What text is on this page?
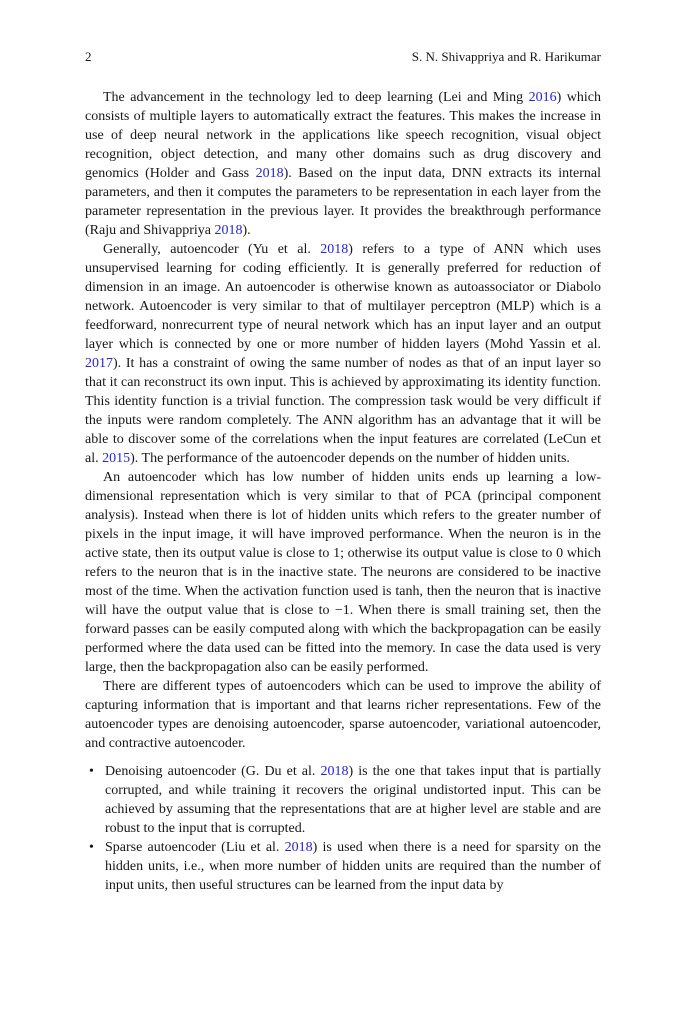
2	S. N. Shivappriya and R. Harikumar

The advancement in the technology led to deep learning (Lei and Ming 2016) which consists of multiple layers to automatically extract the features. This makes the increase in use of deep neural network in the applications like speech recognition, visual object recognition, object detection, and many other domains such as drug discovery and genomics (Holder and Gass 2018). Based on the input data, DNN extracts its internal parameters, and then it computes the parameters to be representation in each layer from the parameter representation in the previous layer. It provides the breakthrough performance (Raju and Shivappriya 2018).

Generally, autoencoder (Yu et al. 2018) refers to a type of ANN which uses unsupervised learning for coding efficiently. It is generally preferred for reduction of dimension in an image. An autoencoder is otherwise known as autoassociator or Diabolo network. Autoencoder is very similar to that of multilayer perceptron (MLP) which is a feedforward, nonrecurrent type of neural network which has an input layer and an output layer which is connected by one or more number of hidden layers (Mohd Yassin et al. 2017). It has a constraint of owing the same number of nodes as that of an input layer so that it can reconstruct its own input. This is achieved by approximating its identity function. This identity function is a trivial function. The compression task would be very difficult if the inputs were random completely. The ANN algorithm has an advantage that it will be able to discover some of the correlations when the input features are correlated (LeCun et al. 2015). The performance of the autoencoder depends on the number of hidden units.

An autoencoder which has low number of hidden units ends up learning a low-dimensional representation which is very similar to that of PCA (principal component analysis). Instead when there is lot of hidden units which refers to the greater number of pixels in the input image, it will have improved performance. When the neuron is in the active state, then its output value is close to 1; otherwise its output value is close to 0 which refers to the neuron that is in the inactive state. The neurons are considered to be inactive most of the time. When the activation function used is tanh, then the neuron that is inactive will have the output value that is close to −1. When there is small training set, then the forward passes can be easily computed along with which the backpropagation can be easily performed where the data used can be fitted into the memory. In case the data used is very large, then the backpropagation also can be easily performed.

There are different types of autoencoders which can be used to improve the ability of capturing information that is important and that learns richer representations. Few of the autoencoder types are denoising autoencoder, sparse autoencoder, variational autoencoder, and contractive autoencoder.

• Denoising autoencoder (G. Du et al. 2018) is the one that takes input that is partially corrupted, and while training it recovers the original undistorted input. This can be achieved by assuming that the representations that are at higher level are stable and are robust to the input that is corrupted.
• Sparse autoencoder (Liu et al. 2018) is used when there is a need for sparsity on the hidden units, i.e., when more number of hidden units are required than the number of input units, then useful structures can be learned from the input data by
